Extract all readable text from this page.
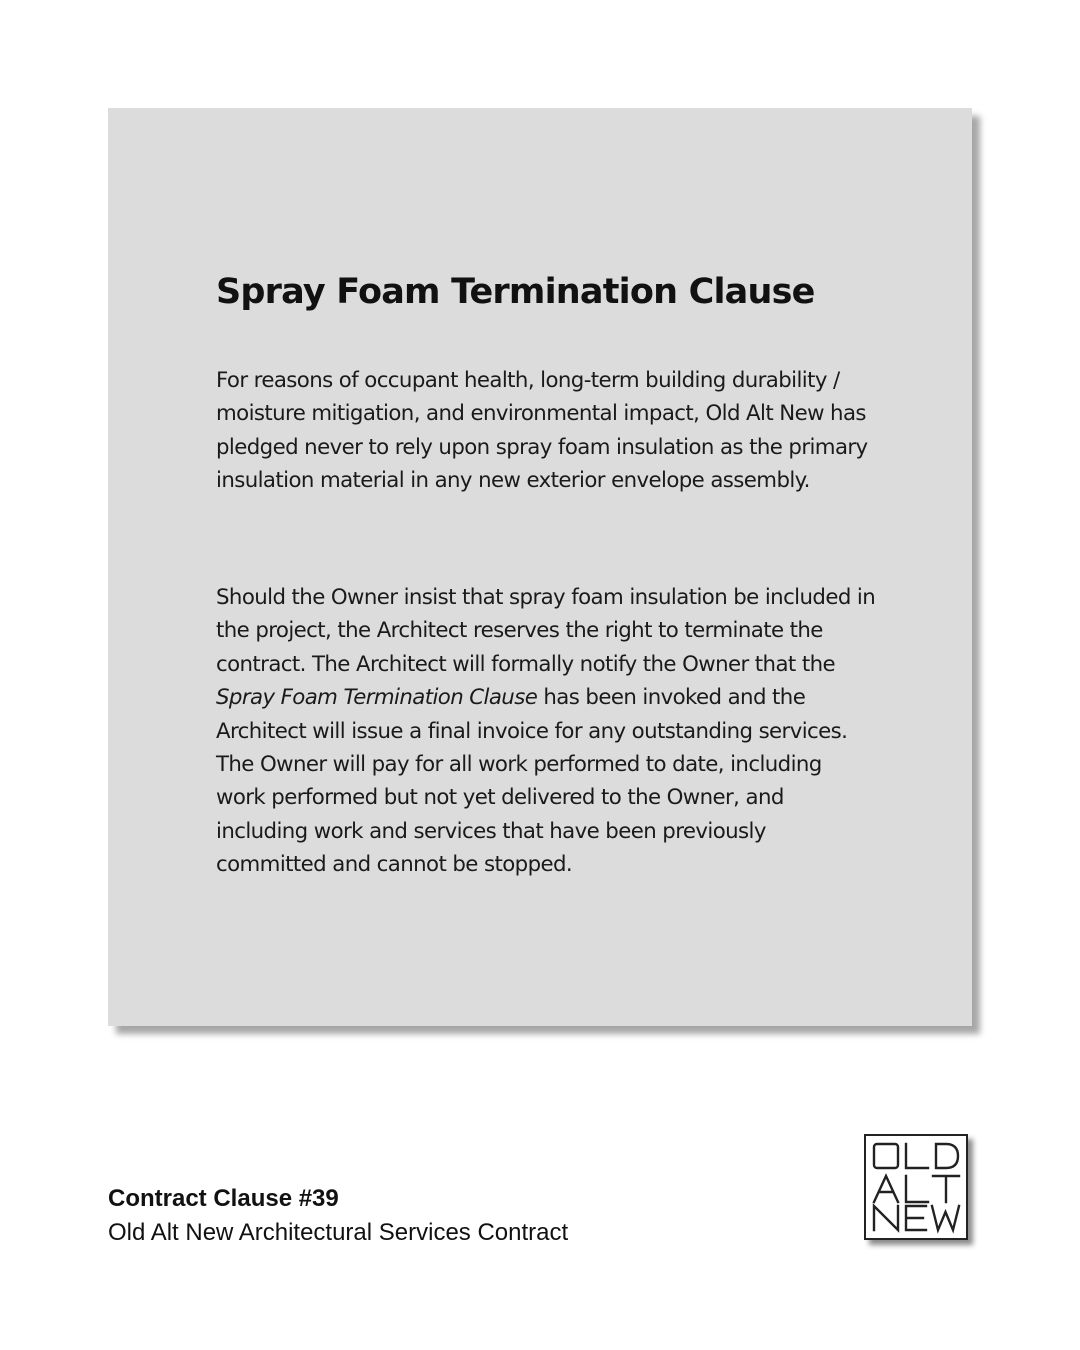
Spray Foam Termination Clause

For reasons of occupant health, long-term building durability / moisture mitigation, and environmental impact, Old Alt New has pledged never to rely upon spray foam insulation as the primary insulation material in any new exterior envelope assembly.

Should the Owner insist that spray foam insulation be included in the project, the Architect reserves the right to terminate the contract. The Architect will formally notify the Owner that the Spray Foam Termination Clause has been invoked and the Architect will issue a final invoice for any outstanding services. The Owner will pay for all work performed to date, including work performed but not yet delivered to the Owner, and including work and services that have been previously committed and cannot be stopped.

Contract Clause #39
Old Alt New Architectural Services Contract
